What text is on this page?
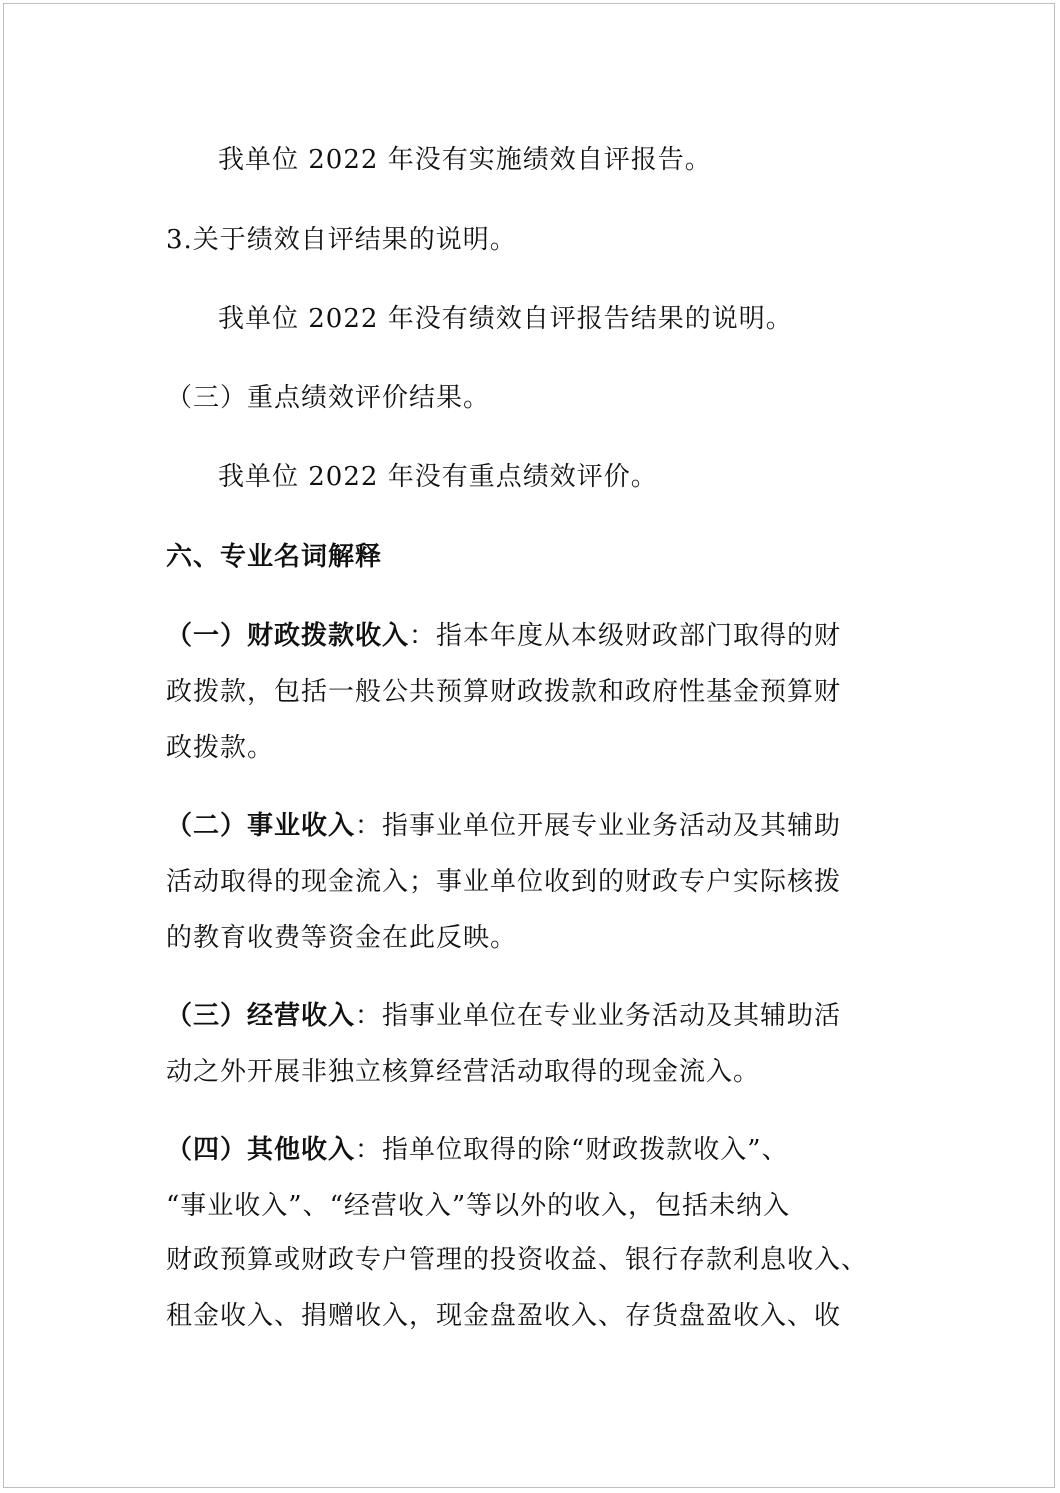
我单位 2022 年没有实施绩效自评报告。
3.关于绩效自评结果的说明。
我单位 2022 年没有绩效自评报告结果的说明。
（三）重点绩效评价结果。
我单位 2022 年没有重点绩效评价。
六、专业名词解释
（一）财政拨款收入：指本年度从本级财政部门取得的财
政拨款，包括一般公共预算财政拨款和政府性基金预算财
政拨款。
（二）事业收入：指事业单位开展专业业务活动及其辅助
活动取得的现金流入；事业单位收到的财政专户实际核拨
的教育收费等资金在此反映。
（三）经营收入：指事业单位在专业业务活动及其辅助活
动之外开展非独立核算经营活动取得的现金流入。
（四）其他收入：指单位取得的除“财政拨款收入”、
“事业收入”、“经营收入”等以外的收入，包括未纳入
财政预算或财政专户管理的投资收益、银行存款利息收入、
租金收入、捐赠收入，现金盘盈收入、存货盘盈收入、收
